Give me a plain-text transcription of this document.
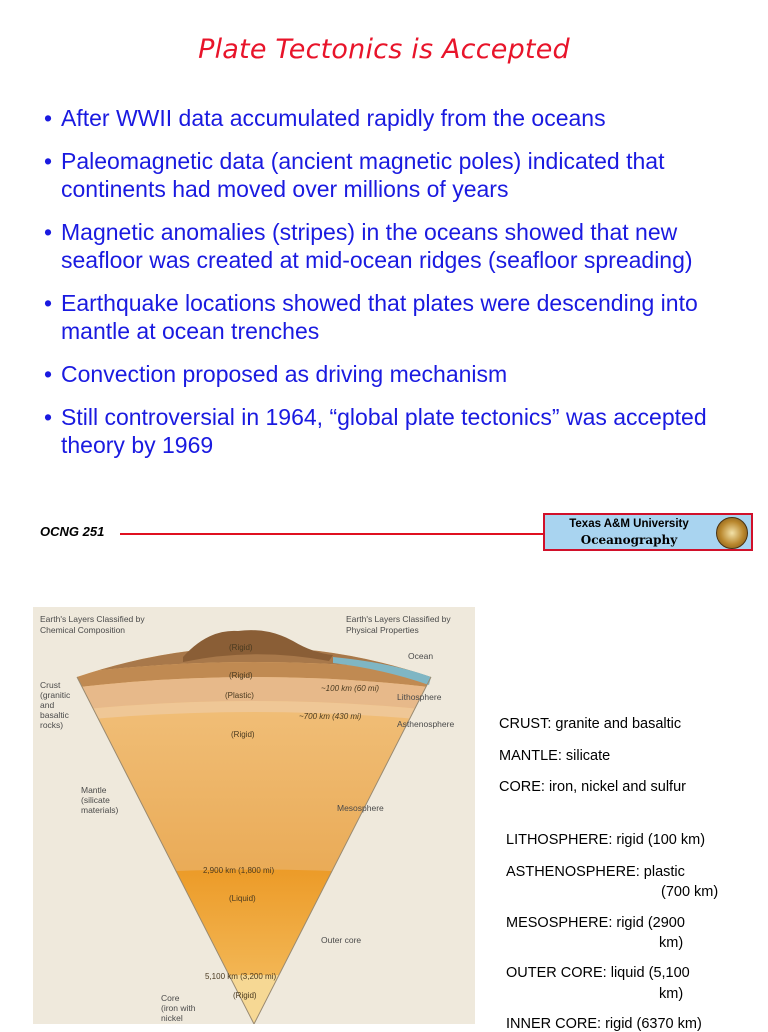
Plate Tectonics is Accepted
• After WWII data accumulated rapidly from the oceans
• Paleomagnetic data (ancient magnetic poles) indicated that continents had moved over millions of years
• Magnetic anomalies (stripes) in the oceans showed that new seafloor was created at mid-ocean ridges (seafloor spreading)
• Earthquake locations showed that plates were descending into mantle at ocean trenches
• Convection proposed as driving mechanism
• Still controversial in 1964, “global plate tectonics” was accepted theory by 1969
OCNG 251	Texas A&M University
Oceanography
Earth's Layers Classified by
Chemical Composition
Earth's Layers Classified by
Physical Properties
Ocean
Crust
(granitic
and
basaltic
rocks)
Lithosphere
Asthenosphere
(Rigid)
(Rigid)
(Plastic)
(Rigid)
~100 km (60 mi)
~700 km (430 mi)
Mantle
(silicate
materials)	Mesosphere
2,900 km (1,800 mi)
(Liquid)
Outer core
5,100 km (3,200 mi)
(Rigid)
Core
(iron with
nickel
CRUST: granite and basaltic
MANTLE: silicate
CORE: iron, nickel and sulfur
LITHOSPHERE: rigid (100 km)
ASTHENOSPHERE: plastic
(700 km)
MESOSPHERE: rigid (2900
km)
OUTER CORE: liquid (5,100
km)
INNER CORE: rigid (6370 km)
